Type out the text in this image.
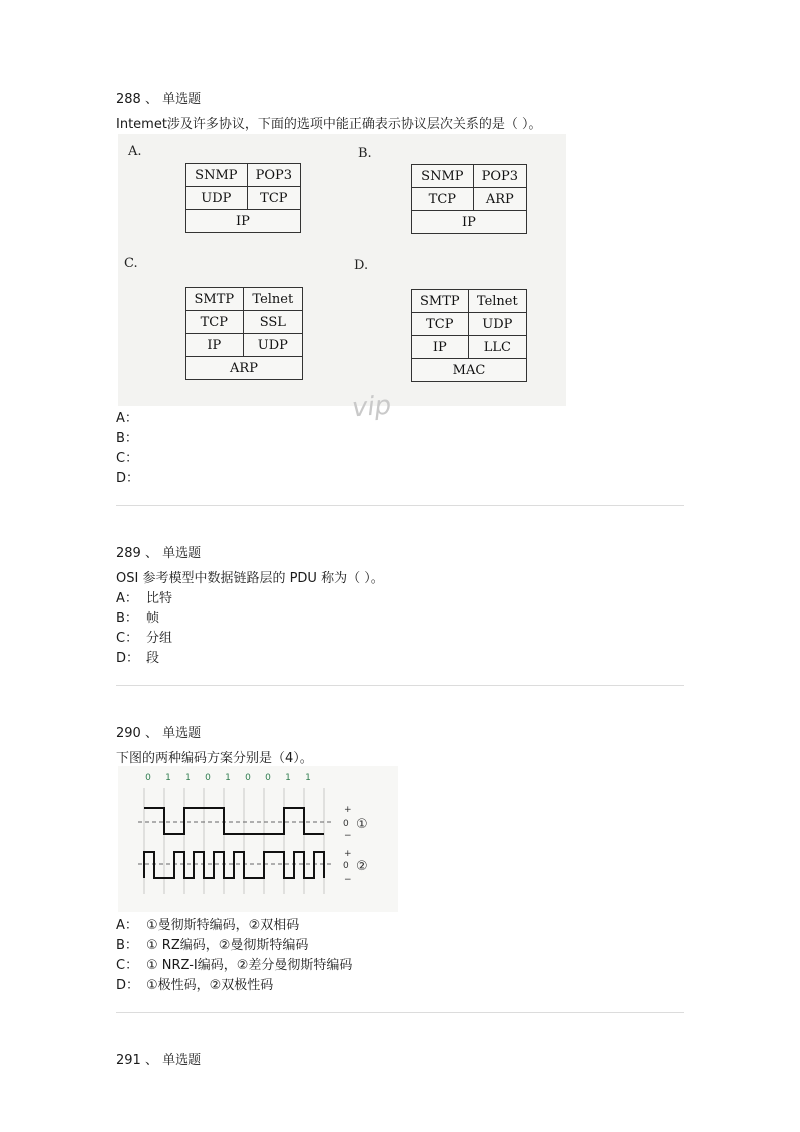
288 、 单选题
Intemet涉及许多协议，下面的选项中能正确表示协议层次关系的是（ ）。
A.	B.
C.	D.
SNMP	POP3
UDP	TCP
IP	
SNMP	POP3
TCP	ARP
IP	
SMTP	Telnet
TCP	SSL
IP	UDP
ARP	
SMTP	Telnet
TCP	UDP
IP	LLC
MAC	
vip
A：
B：
C：
D：
289 、 单选题
OSI 参考模型中数据链路层的 PDU 称为（ ）。
A： 比特
B： 帧
C： 分组
D： 段
290 、 单选题
下图的两种编码方案分别是（4）。
0 1 1 0 1 0 0 1 1
+
0
−
+
0
−
①
②
A： ①曼彻斯特编码，②双相码
B： ① RZ编码，②曼彻斯特编码
C： ① NRZ-I编码，②差分曼彻斯特编码
D： ①极性码，②双极性码
291 、 单选题
